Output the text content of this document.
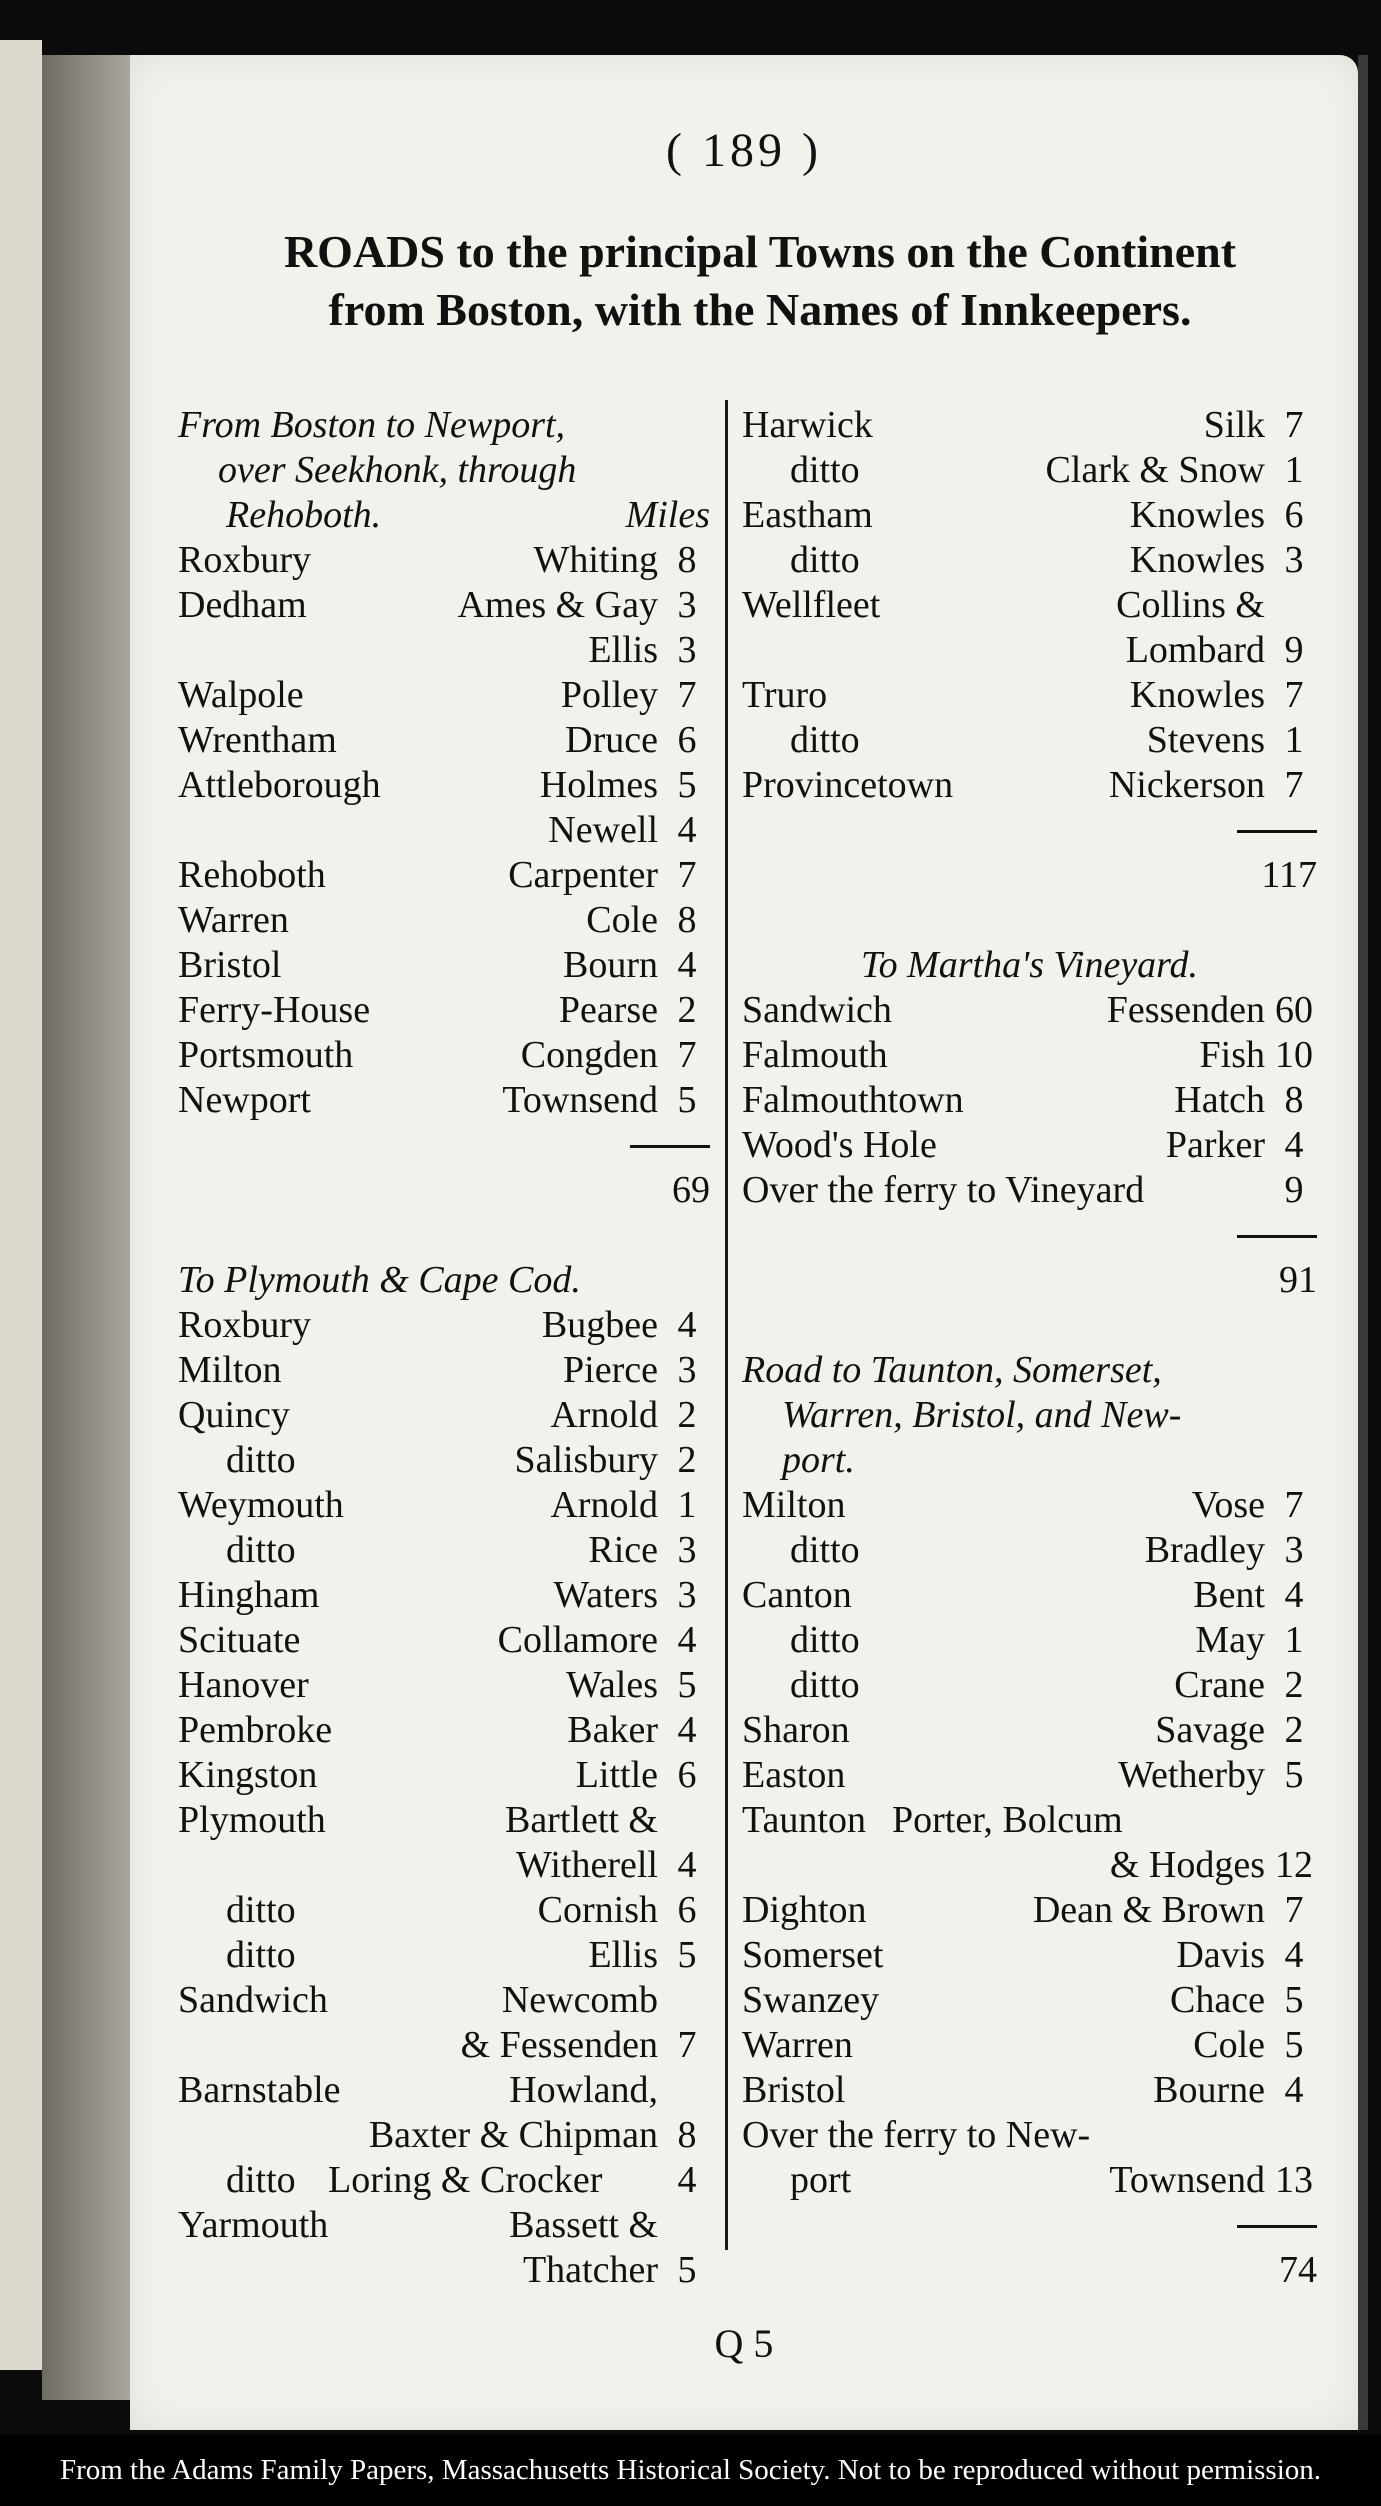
( 189 )
ROADS to the principal Towns on the Continent
from Boston, with the Names of Innkeepers.
From Boston to Newport,
over Seekhonk, through
Rehoboth.	Miles
Roxbury	Whiting 8
Dedham	Ames & Gay 3
Ellis 3
Walpole	Polley 7
Wrentham	Druce 6
Attleborough	Holmes 5
Newell 4
Rehoboth	Carpenter 7
Warren	Cole 8
Bristol	Bourn 4
Ferry-House	Pearse 2
Portsmouth	Congden 7
Newport	Townsend 5
69
To Plymouth & Cape Cod.
Roxbury	Bugbee 4
Milton	Pierce 3
Quincy	Arnold 2
ditto	Salisbury 2
Weymouth	Arnold 1
ditto	Rice 3
Hingham	Waters 3
Scituate	Collamore 4
Hanover	Wales 5
Pembroke	Baker 4
Kingston	Little 6
Plymouth	Bartlett &
Witherell 4
ditto	Cornish 6
ditto	Ellis 5
Sandwich	Newcomb
& Fessenden 7
Barnstable	Howland,
Baxter & Chipman 8
ditto Loring & Crocker	4
Yarmouth	Bassett &
Thatcher 5
Harwick	Silk 7
ditto	Clark & Snow 1
Eastham	Knowles 6
ditto	Knowles 3
Wellfleet	Collins &
Lombard 9
Truro	Knowles 7
ditto	Stevens 1
Provincetown	Nickerson 7
117
To Martha's Vineyard.
Sandwich	Fessenden 60
Falmouth	Fish 10
Falmouthtown	Hatch 8
Wood's Hole	Parker 4
Over the ferry to Vineyard	9
91
Road to Taunton, Somerset,
Warren, Bristol, and New-
port.
Milton	Vose 7
ditto	Bradley 3
Canton	Bent 4
ditto	May 1
ditto	Crane 2
Sharon	Savage 2
Easton	Wetherby 5
Taunton Porter, Bolcum
& Hodges 12
Dighton	Dean & Brown 7
Somerset	Davis 4
Swanzey	Chace 5
Warren	Cole 5
Bristol	Bourne 4
Over the ferry to New-
port	Townsend 13
74
Q 5
From the Adams Family Papers, Massachusetts Historical Society. Not to be reproduced without permission.
